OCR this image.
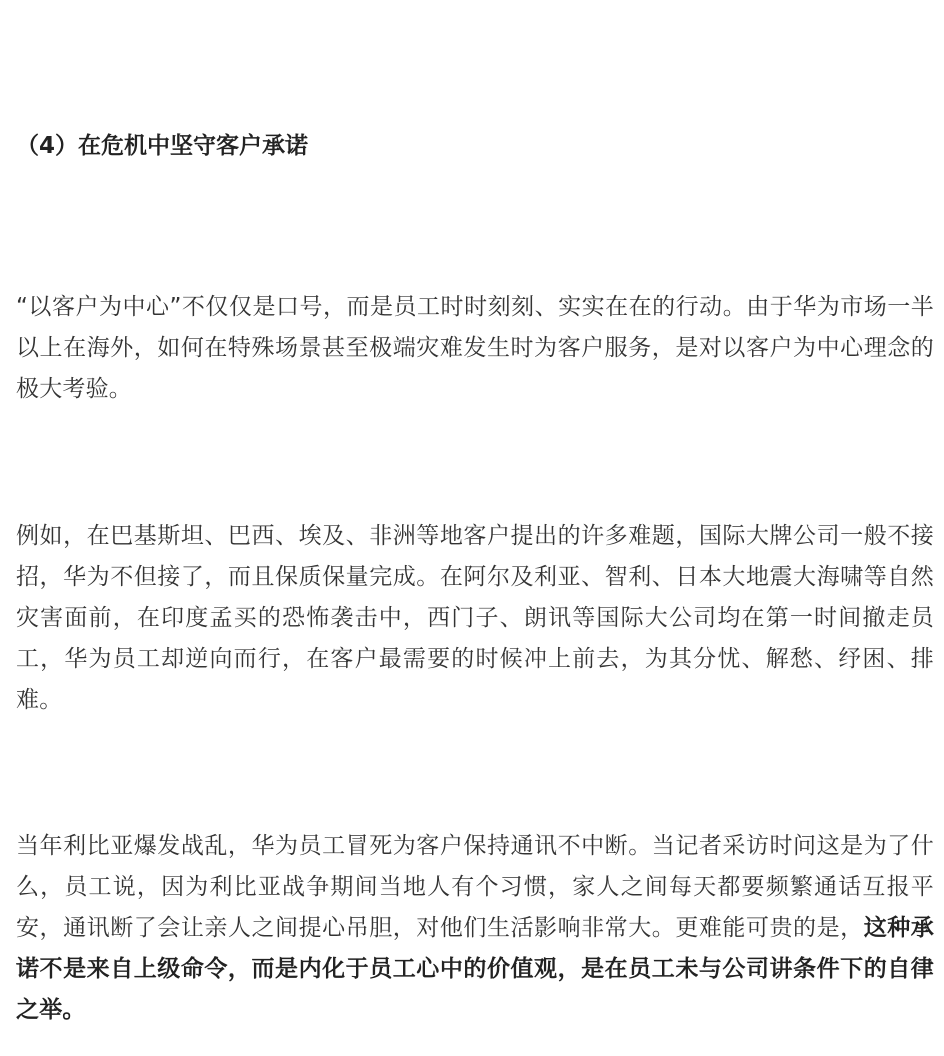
（4）在危机中坚守客户承诺

“以客户为中心”不仅仅是口号，而是员工时时刻刻、实实在在的行动。由于华为市场一半以上在海外，如何在特殊场景甚至极端灾难发生时为客户服务，是对以客户为中心理念的极大考验。

例如，在巴基斯坦、巴西、埃及、非洲等地客户提出的许多难题，国际大牌公司一般不接招，华为不但接了，而且保质保量完成。在阿尔及利亚、智利、日本大地震大海啸等自然灾害面前，在印度孟买的恐怖袭击中，西门子、朗讯等国际大公司均在第一时间撤走员工，华为员工却逆向而行，在客户最需要的时候冲上前去，为其分忧、解愁、纾困、排难。

当年利比亚爆发战乱，华为员工冒死为客户保持通讯不中断。当记者采访时问这是为了什么，员工说，因为利比亚战争期间当地人有个习惯，家人之间每天都要频繁通话互报平安，通讯断了会让亲人之间提心吊胆，对他们生活影响非常大。更难能可贵的是，这种承诺不是来自上级命令，而是内化于员工心中的价值观，是在员工未与公司讲条件下的自律之举。
